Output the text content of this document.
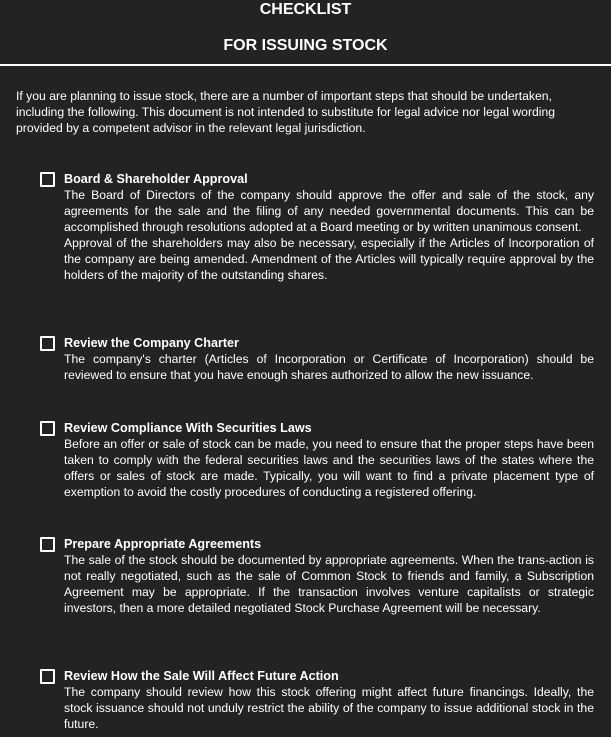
CHECKLIST
FOR ISSUING STOCK

If you are planning to issue stock, there are a number of important steps that should be undertaken, including the following. This document is not intended to substitute for legal advice nor legal wording provided by a competent advisor in the relevant legal jurisdiction.

Board & Shareholder Approval

The Board of Directors of the company should approve the offer and sale of the stock, any agreements for the sale and the filing of any needed governmental documents. This can be accomplished through resolutions adopted at a Board meeting or by written unanimous consent.

Approval of the shareholders may also be necessary, especially if the Articles of Incorporation of the company are being amended. Amendment of the Articles will typically require approval by the holders of the majority of the outstanding shares.

Review the Company Charter

The company's charter (Articles of Incorporation or Certificate of Incorporation) should be reviewed to ensure that you have enough shares authorized to allow the new issuance.

Review Compliance With Securities Laws

Before an offer or sale of stock can be made, you need to ensure that the proper steps have been taken to comply with the federal securities laws and the securities laws of the states where the offers or sales of stock are made. Typically, you will want to find a private placement type of exemption to avoid the costly procedures of conducting a registered offering.

Prepare Appropriate Agreements

The sale of the stock should be documented by appropriate agreements. When the trans-action is not really negotiated, such as the sale of Common Stock to friends and family, a Subscription Agreement may be appropriate. If the transaction involves venture capitalists or strategic investors, then a more detailed negotiated Stock Purchase Agreement will be necessary.

Review How the Sale Will Affect Future Action

The company should review how this stock offering might affect future financings. Ideally, the stock issuance should not unduly restrict the ability of the company to issue additional stock in the future.
